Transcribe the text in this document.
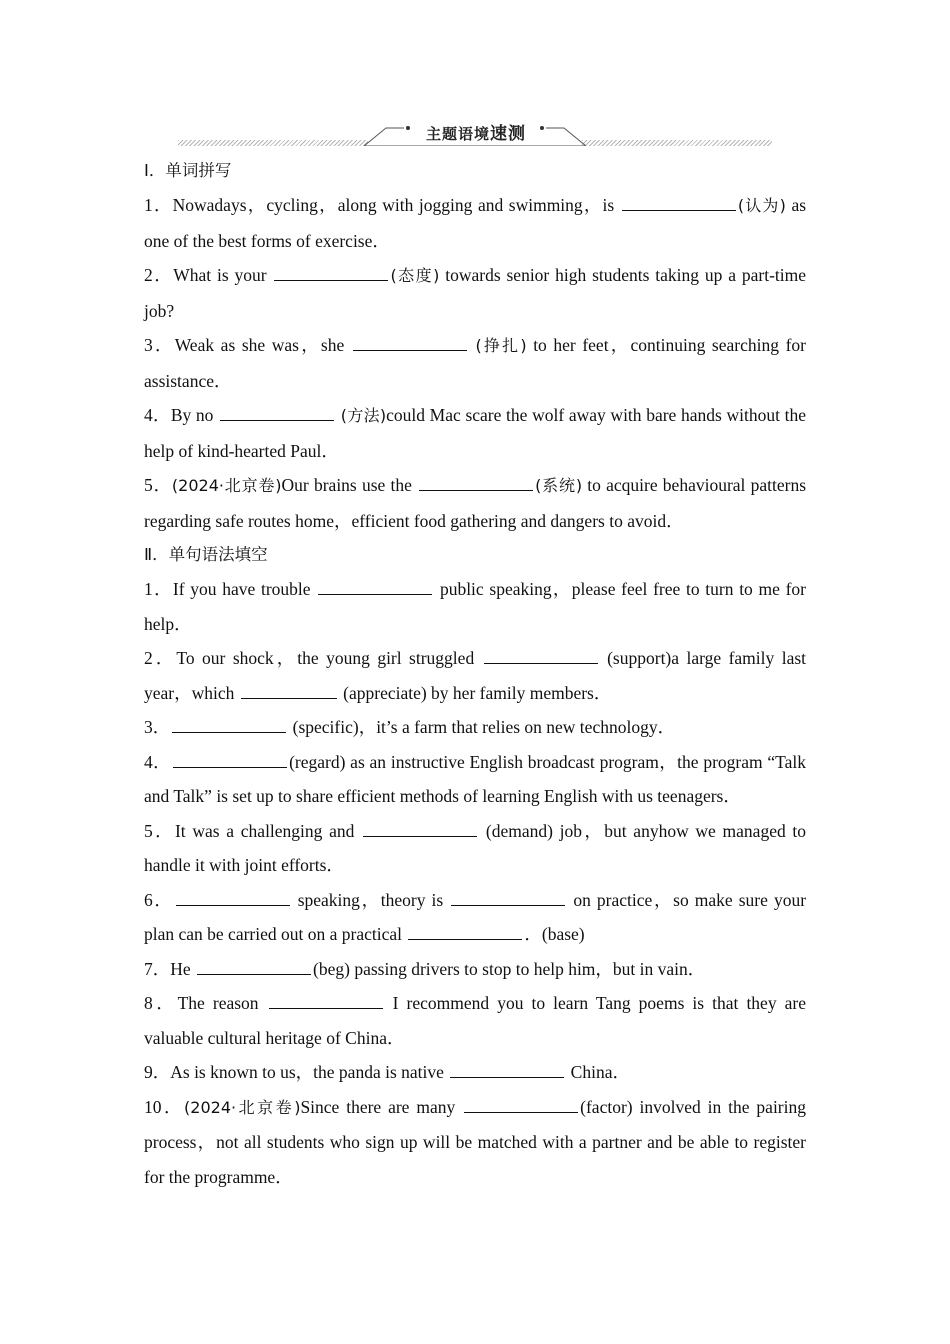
主题语境速测

Ⅰ．单词拼写

1．Nowadays，cycling，along with jogging and swimming，is	(认为) as one of the best forms of exercise．

2．What is your	(态度) towards senior high students taking up a part-time job?

3．Weak as she was，she	(挣扎) to her feet，continuing searching for assistance．

4．By no	(方法)could Mac scare the wolf away with bare hands without the help of kind-hearted Paul．

5．(2024·北京卷)Our brains use the	(系统) to acquire behavioural patterns regarding safe routes home，efficient food gathering and dangers to avoid．

Ⅱ．单句语法填空

1．If you have trouble	public speaking，please feel free to turn to me for help．

2．To our shock，the young girl struggled	(support)a large family last year，which	(appreciate) by her family members．

3．	(specific)，it’s a farm that relies on new technology．

4．	(regard) as an instructive English broadcast program，the program “Talk and Talk” is set up to share efficient methods of learning English with us teenagers．

5．It was a challenging and	(demand) job，but anyhow we managed to handle it with joint efforts．

6．	speaking，theory is	on practice，so make sure your plan can be carried out on a practical	．(base)

7．He	(beg) passing drivers to stop to help him，but in vain．

8．The reason	I recommend you to learn Tang poems is that they are valuable cultural heritage of China．

9．As is known to us，the panda is native	China．

10．(2024·北京卷)Since there are many	(factor) involved in the pairing process，not all students who sign up will be matched with a partner and be able to register for the programme．
